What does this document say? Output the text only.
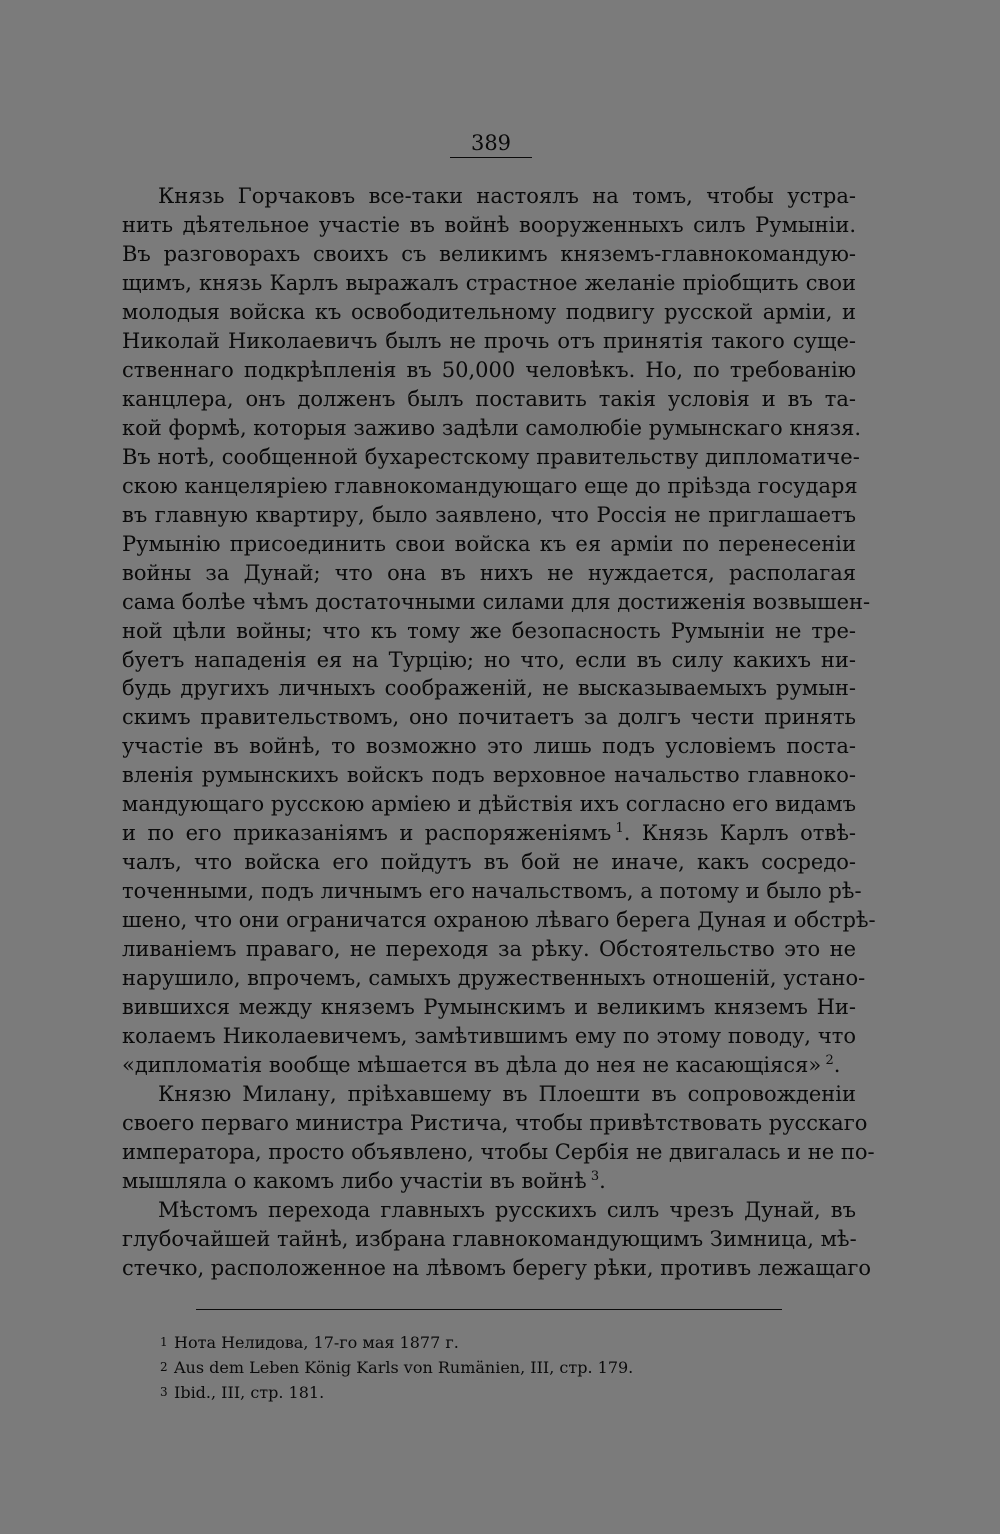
389
Князь Горчаковъ все-таки настоялъ на томъ, чтобы устра-
нить дѣятельное участіе въ войнѣ вооруженныхъ силъ Румыніи.
Въ разговорахъ своихъ съ великимъ княземъ-главнокомандую-
щимъ, князь Карлъ выражалъ страстное желаніе пріобщить свои
молодыя войска къ освободительному подвигу русской арміи, и
Николай Николаевичъ былъ не прочь отъ принятія такого суще-
ственнаго подкрѣпленія въ 50,000 человѣкъ. Но, по требованію
канцлера, онъ долженъ былъ поставить такія условія и въ та-
кой формѣ, которыя заживо задѣли самолюбіе румынскаго князя.
Въ нотѣ, сообщенной бухарестскому правительству дипломатиче-
скою канцеляріею главнокомандующаго еще до пріѣзда государя
въ главную квартиру, было заявлено, что Россія не приглашаетъ
Румынію присоединить свои войска къ ея арміи по перенесеніи
войны за Дунай; что она въ нихъ не нуждается, располагая
сама болѣе чѣмъ достаточными силами для достиженія возвышен-
ной цѣли войны; что къ тому же безопасность Румыніи не тре-
буетъ нападенія ея на Турцію; но что, если въ силу какихъ ни-
будь другихъ личныхъ соображеній, не высказываемыхъ румын-
скимъ правительствомъ, оно почитаетъ за долгъ чести принять
участіе въ войнѣ, то возможно это лишь подъ условіемъ поста-
вленія румынскихъ войскъ подъ верховное начальство главноко-
мандующаго русскою арміею и дѣйствія ихъ согласно его видамъ
и по его приказаніямъ и распоряженіямъ  $^1$. Князь Карлъ отвѣ-
чалъ, что войска его пойдутъ въ бой не иначе, какъ сосредо-
точенными, подъ личнымъ его начальствомъ, а потому и было рѣ-
шено, что они ограничатся охраною лѣваго берега Дуная и обстрѣ-
ливаніемъ праваго, не переходя за рѣку. Обстоятельство это не
нарушило, впрочемъ, самыхъ дружественныхъ отношеній, устано-
вившихся между княземъ Румынскимъ и великимъ княземъ Ни-
колаемъ Николаевичемъ, замѣтившимъ ему по этому поводу, что
«дипломатія вообще мѣшается въ дѣла до нея не касающіяся»  $^2$.
Князю Милану, пріѣхавшему въ Плоешти въ сопровожденіи
своего перваго министра Ристича, чтобы привѣтствовать русскаго
императора, просто объявлено, чтобы Сербія не двигалась и не по-
мышляла о какомъ либо участіи въ войнѣ  $^3$.
Мѣстомъ перехода главныхъ русскихъ силъ чрезъ Дунай, въ
глубочайшей тайнѣ, избрана главнокомандующимъ Зимница, мѣ-
стечко, расположенное на лѣвомъ берегу рѣки, противъ лежащаго
1 Нота Нелидова, 17-го мая 1877 г.
2 Aus dem Leben König Karls von Rumänien, III, стр. 179.
3 Ibid., III, стр. 181.
